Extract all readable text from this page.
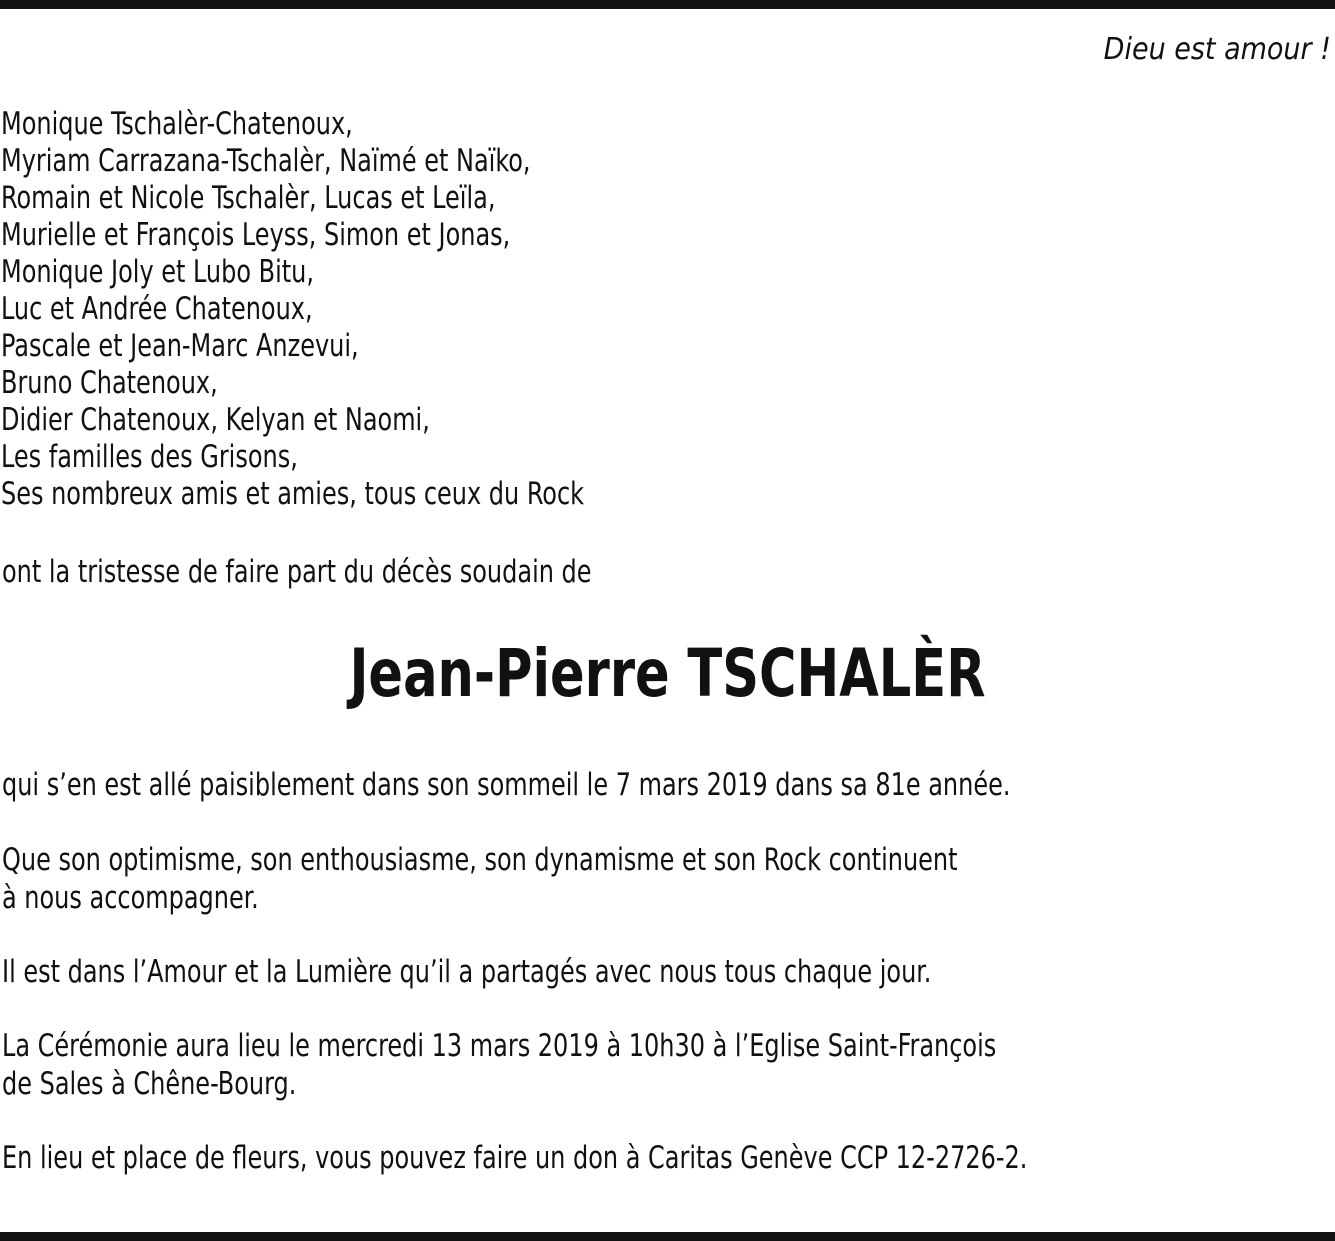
Dieu est amour !
Monique Tschalèr-Chatenoux,
Myriam Carrazana-Tschalèr, Naïmé et Naïko,
Romain et Nicole Tschalèr, Lucas et Leïla,
Murielle et François Leyss, Simon et Jonas,
Monique Joly et Lubo Bitu,
Luc et Andrée Chatenoux,
Pascale et Jean-Marc Anzevui,
Bruno Chatenoux,
Didier Chatenoux, Kelyan et Naomi,
Les familles des Grisons,
Ses nombreux amis et amies, tous ceux du Rock

ont la tristesse de faire part du décès soudain de

Jean-Pierre TSCHALÈR

qui s’en est allé paisiblement dans son sommeil le 7 mars 2019 dans sa 81e année.

Que son optimisme, son enthousiasme, son dynamisme et son Rock continuent

à nous accompagner.

Il est dans l’Amour et la Lumière qu’il a partagés avec nous tous chaque jour.

La Cérémonie aura lieu le mercredi 13 mars 2019 à 10h30 à l’Eglise Saint-François

de Sales à Chêne-Bourg.

En lieu et place de fleurs, vous pouvez faire un don à Caritas Genève CCP 12-2726-2.
